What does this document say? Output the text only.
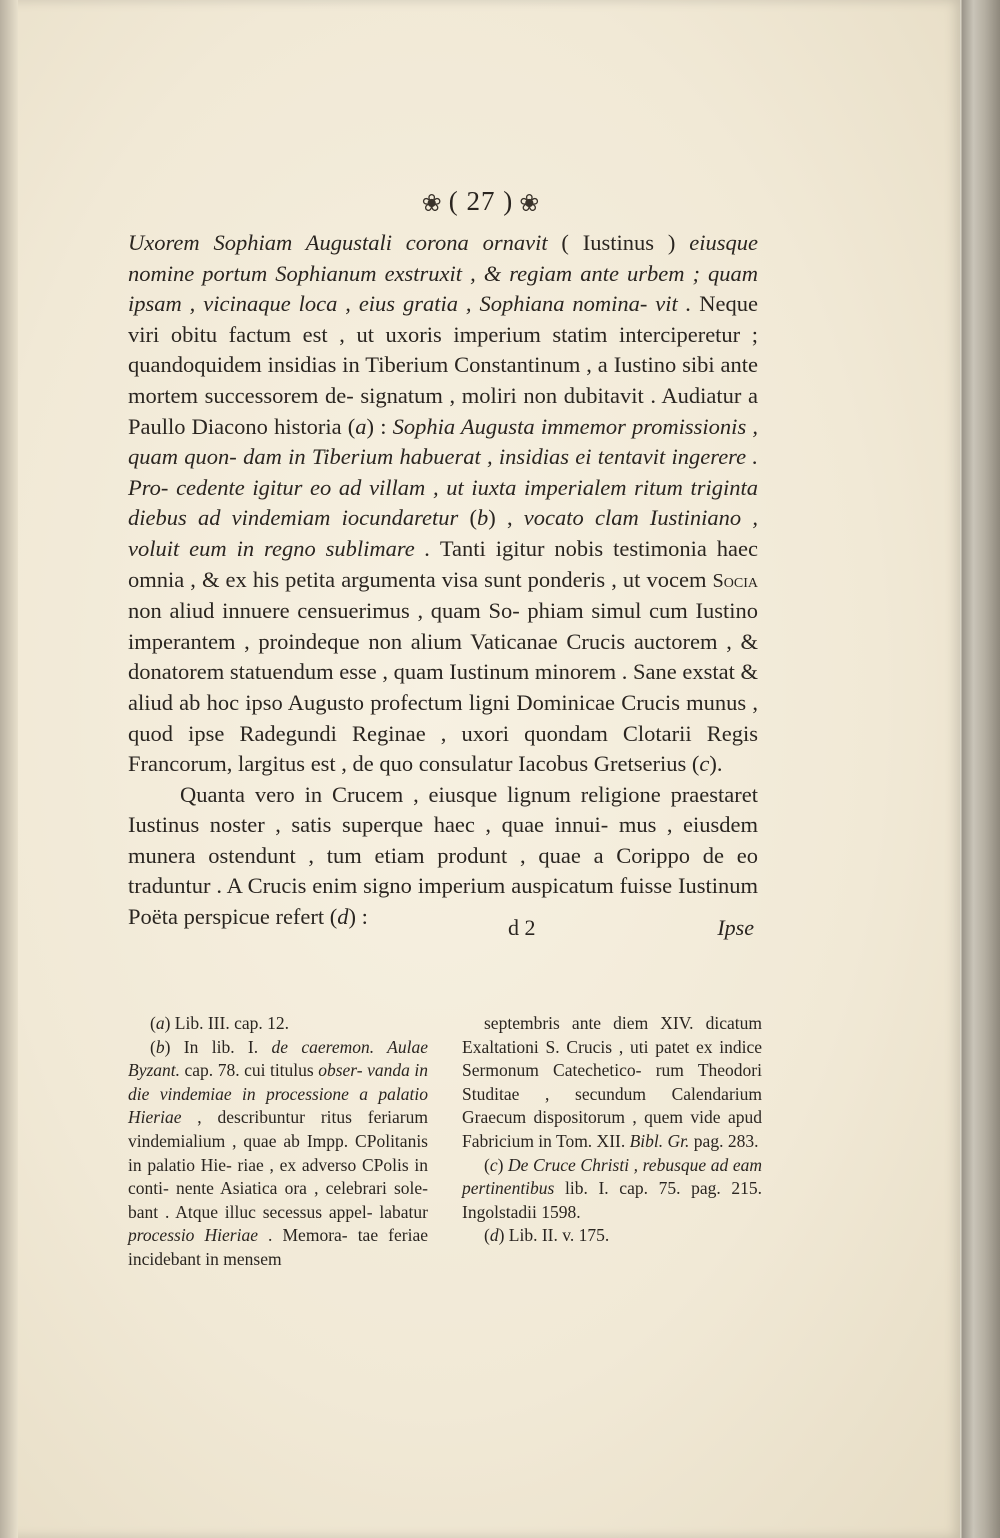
❀ ( 27 ) ❀

Uxorem Sophiam Augustali corona ornavit ( Iustinus ) eiusque nomine portum Sophianum exstruxit , & regiam ante urbem ; quam ipsam , vicinaque loca , eius gratia , Sophiana nomina- vit . Neque viri obitu factum est , ut uxoris imperium statim interciperetur ; quandoquidem insidias in Tiberium Constantinum , a Iustino sibi ante mortem successorem de- signatum , moliri non dubitavit . Audiatur a Paullo Diacono historia (a) : Sophia Augusta immemor promissionis , quam quon- dam in Tiberium habuerat , insidias ei tentavit ingerere . Pro- cedente igitur eo ad villam , ut iuxta imperialem ritum triginta diebus ad vindemiam iocundaretur (b) , vocato clam Iustiniano , voluit eum in regno sublimare . Tanti igitur nobis testimonia haec omnia , & ex his petita argumenta visa sunt ponderis , ut vocem Socia non aliud innuere censuerimus , quam So- phiam simul cum Iustino imperantem , proindeque non alium Vaticanae Crucis auctorem , & donatorem statuendum esse , quam Iustinum minorem . Sane exstat & aliud ab hoc ipso Augusto profectum ligni Dominicae Crucis munus , quod ipse Radegundi Reginae , uxori quondam Clotarii Regis Francorum, largitus est , de quo consulatur Iacobus Gretserius (c).

Quanta vero in Crucem , eiusque lignum religione praestaret Iustinus noster , satis superque haec , quae innui- mus , eiusdem munera ostendunt , tum etiam produnt , quae a Corippo de eo traduntur . A Crucis enim signo imperium auspicatum fuisse Iustinum Poëta perspicue refert (d) :	d 2	Ipse

(a) Lib. III. cap. 12.

(b) In lib. I. de caeremon. Aulae Byzant. cap. 78. cui titulus obser- vanda in die vindemiae in processione a palatio Hieriae , describuntur ritus feriarum vindemialium , quae ab Impp. CPolitanis in palatio Hie- riae , ex adverso CPolis in conti- nente Asiatica ora , celebrari sole- bant . Atque illuc secessus appel- labatur processio Hieriae . Memora- tae feriae incidebant in mensem

septembris ante diem XIV. dicatum Exaltationi S. Crucis , uti patet ex indice Sermonum Catechetico- rum Theodori Studitae , secundum Calendarium Graecum dispositorum , quem vide apud Fabricium in Tom. XII. Bibl. Gr. pag. 283.

(c) De Cruce Christi , rebusque ad eam pertinentibus lib. I. cap. 75. pag. 215. Ingolstadii 1598.

(d) Lib. II. v. 175.
